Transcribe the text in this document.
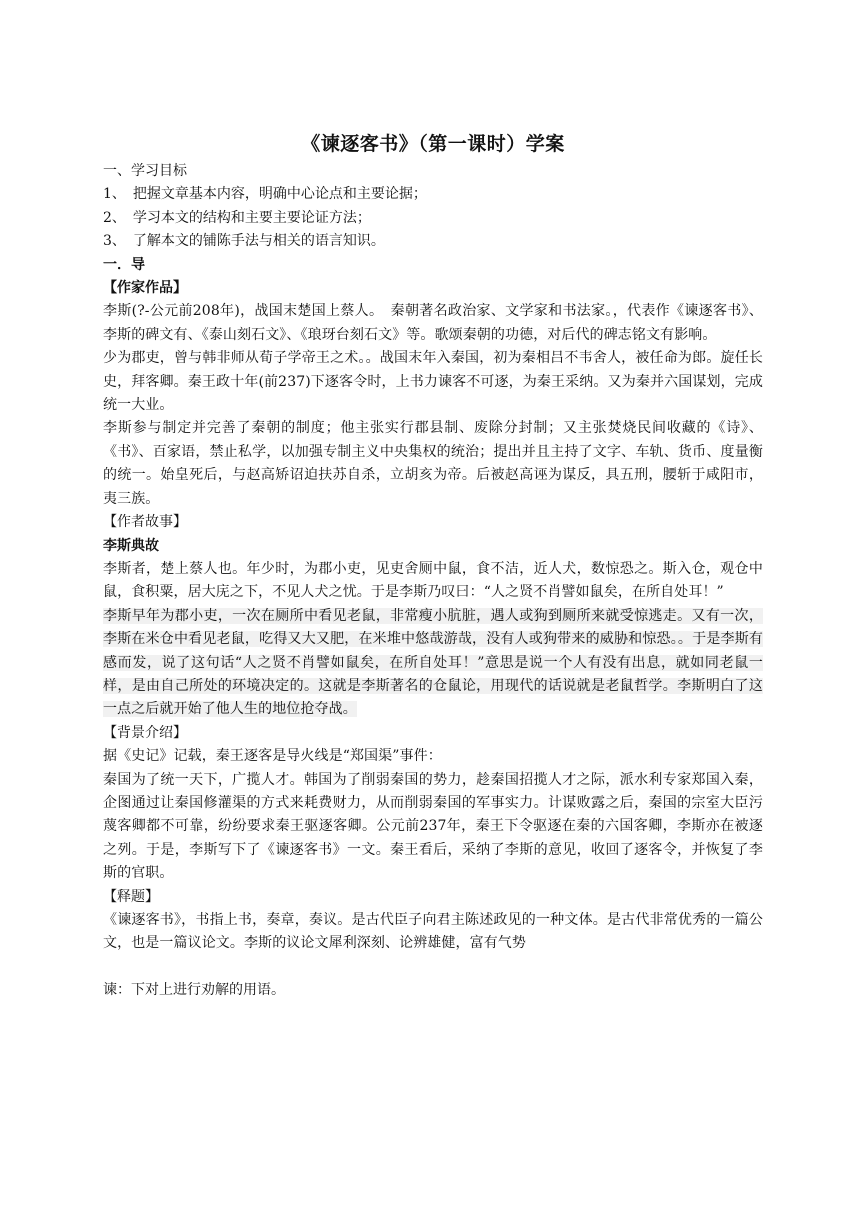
《谏逐客书》（第一课时）学案

一、学习目标

1、　把握文章基本内容，明确中心论点和主要论据；

2、　学习本文的结构和主要主要论证方法；

3、　了解本文的铺陈手法与相关的语言知识。

一．导

【作家作品】

李斯(?-公元前208年)，战国末楚国上蔡人。　秦朝著名政治家、文学家和书法家。，代表作《谏逐客书》、李斯的碑文有、《泰山刻石文》、《琅玡台刻石文》等。歌颂秦朝的功德，对后代的碑志铭文有影响。

少为郡吏，曾与韩非师从荀子学帝王之术。。战国末年入秦国，初为秦相吕不韦舍人，被任命为郎。旋任长史，拜客卿。秦王政十年(前237)下逐客令时，上书力谏客不可逐，为秦王采纳。又为秦并六国谋划，完成统一大业。

李斯参与制定并完善了秦朝的制度；他主张实行郡县制、废除分封制；又主张焚烧民间收藏的《诗》、《书》、百家语，禁止私学，以加强专制主义中央集权的统治；提出并且主持了文字、车轨、货币、度量衡的统一。始皇死后，与赵高矫诏迫扶苏自杀，立胡亥为帝。后被赵高诬为谋反，具五刑，腰斩于咸阳市，夷三族。

【作者故事】

李斯典故

李斯者，楚上蔡人也。年少时，为郡小吏，见吏舍厕中鼠，食不洁，近人犬，数惊恐之。斯入仓，观仓中鼠，食积粟，居大庑之下，不见人犬之忧。于是李斯乃叹曰：“人之贤不肖譬如鼠矣，在所自处耳！”

李斯早年为郡小吏，一次在厕所中看见老鼠，非常瘦小肮脏，遇人或狗到厕所来就受惊逃走。又有一次，李斯在米仓中看见老鼠，吃得又大又肥，在米堆中悠哉游哉，没有人或狗带来的威胁和惊恐。。于是李斯有感而发，说了这句话“人之贤不肖譬如鼠矣，在所自处耳！”意思是说一个人有没有出息，就如同老鼠一样，是由自己所处的环境决定的。这就是李斯著名的仓鼠论，用现代的话说就是老鼠哲学。李斯明白了这一点之后就开始了他人生的地位抢夺战。

【背景介绍】

据《史记》记载，秦王逐客是导火线是“郑国渠”事件：

秦国为了统一天下，广揽人才。韩国为了削弱秦国的势力，趁秦国招揽人才之际，派水利专家郑国入秦，企图通过让秦国修灌渠的方式来耗费财力，从而削弱秦国的军事实力。计谋败露之后，秦国的宗室大臣污蔑客卿都不可靠，纷纷要求秦王驱逐客卿。公元前237年，秦王下令驱逐在秦的六国客卿，李斯亦在被逐之列。于是，李斯写下了《谏逐客书》一文。秦王看后，采纳了李斯的意见，收回了逐客令，并恢复了李斯的官职。

【释题】

《谏逐客书》，书指上书，奏章，奏议。是古代臣子向君主陈述政见的一种文体。是古代非常优秀的一篇公文，也是一篇议论文。李斯的议论文犀利深刻、论辨雄健，富有气势

谏：下对上进行劝解的用语。
